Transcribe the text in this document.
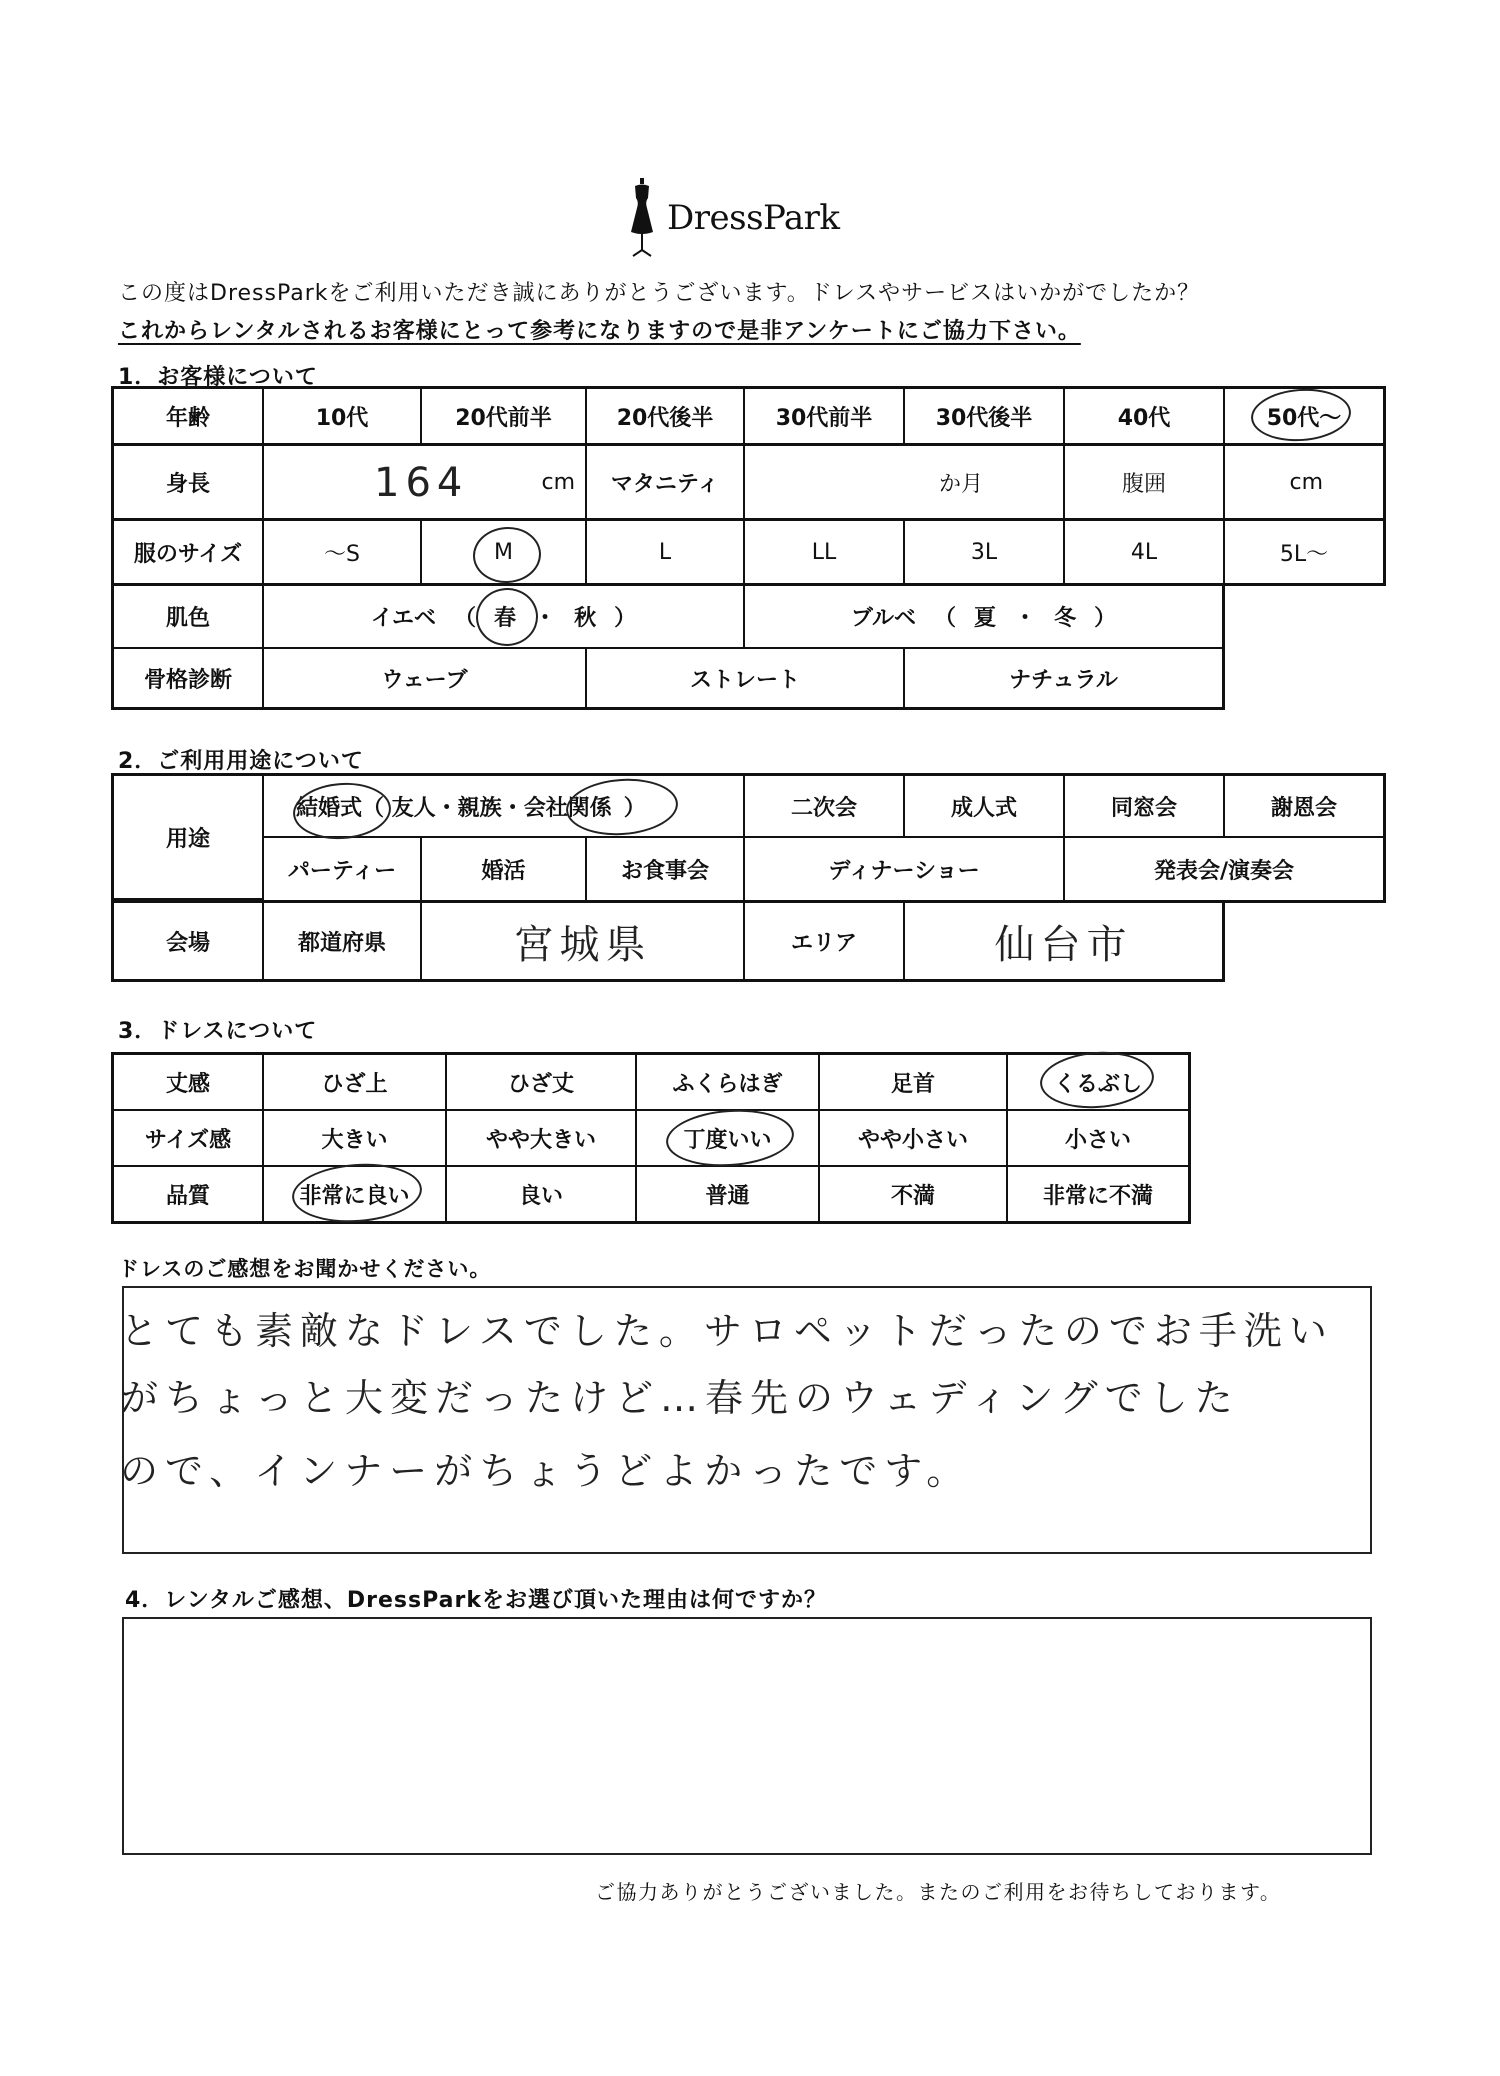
DressPark
この度はDressParkをご利用いただき誠にありがとうございます。ドレスやサービスはいかがでしたか？
これからレンタルされるお客様にとって参考になりますので是非アンケートにご協力下さい。
1．お客様について
年齢	10代	20代前半	20代後半	30代前半	30代後半	40代	50代～
身長	164	cm	マタニティ	か月	腹囲	cm
服のサイズ	～S	M	L	LL	3L	4L	5L～
肌色	イエベ （ 春 ・ 秋 ）	ブルベ （ 夏 ・ 冬 ）
骨格診断	ウェーブ	ストレート	ナチュラル
2．ご利用用途について
用途
結婚式 （ 友人・親族・ 会社関係 ）	二次会	成人式	同窓会	謝恩会
パーティー	婚活	お食事会	ディナーショー	発表会/演奏会
会場	都道府県	宮城県	エリア	仙台市
3．ドレスについて
丈感	ひざ上	ひざ丈	ふくらはぎ	足首	くるぶし
サイズ感	大きい	やや大きい	丁度いい	やや小さい	小さい
品質	非常に良い	良い	普通	不満	非常に不満
ドレスのご感想をお聞かせください。
とても素敵なドレスでした。サロペットだったのでお手洗い
がちょっと大変だったけど…春先のウェディングでした
ので、インナーがちょうどよかったです。
4．レンタルご感想、DressParkをお選び頂いた理由は何ですか？
ご協力ありがとうございました。またのご利用をお待ちしております。
